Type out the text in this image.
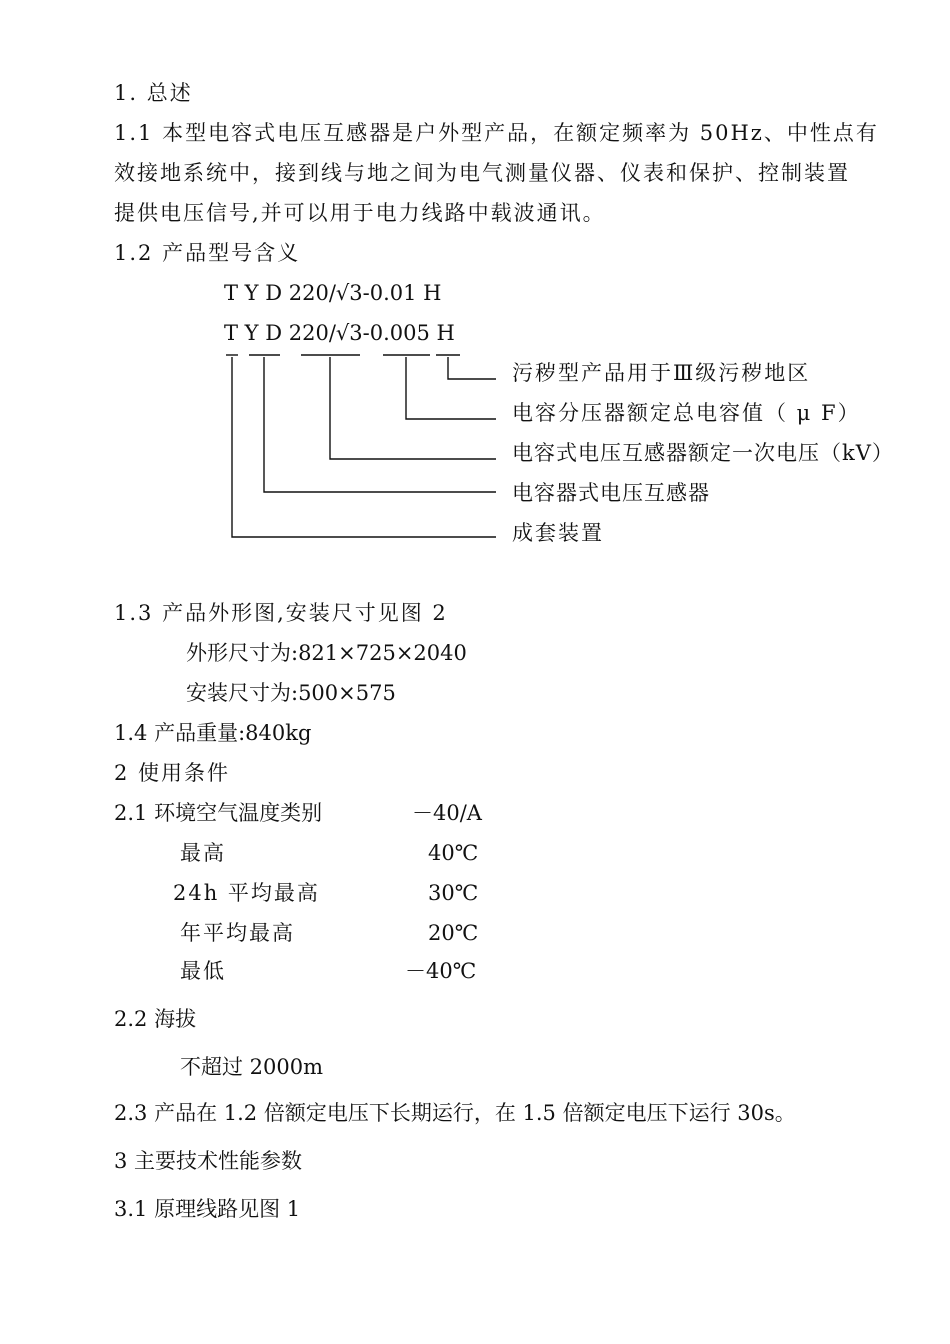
1. 总述
1.1 本型电容式电压互感器是户外型产品，在额定频率为 50Hz、中性点有
效接地系统中，接到线与地之间为电气测量仪器、仪表和保护、控制装置
提供电压信号,并可以用于电力线路中载波通讯。
1.2 产品型号含义
T Y D 220/√3-0.01 H
T Y D 220/√3-0.005 H
污秽型产品用于Ⅲ级污秽地区
电容分压器额定总电容值（ μ F）
电容式电压互感器额定一次电压（kV）
电容器式电压互感器
成套装置
1.3 产品外形图,安装尺寸见图 2
外形尺寸为:821×725×2040
安装尺寸为:500×575
1.4 产品重量:840kg
2 使用条件
2.1 环境空气温度类别	－40/A
最高	40℃
24h 平均最高	30℃
年平均最高	20℃
最低	－40℃
2.2 海拔
不超过 2000m
2.3 产品在 1.2 倍额定电压下长期运行，在 1.5 倍额定电压下运行 30s。
3 主要技术性能参数
3.1 原理线路见图 1
